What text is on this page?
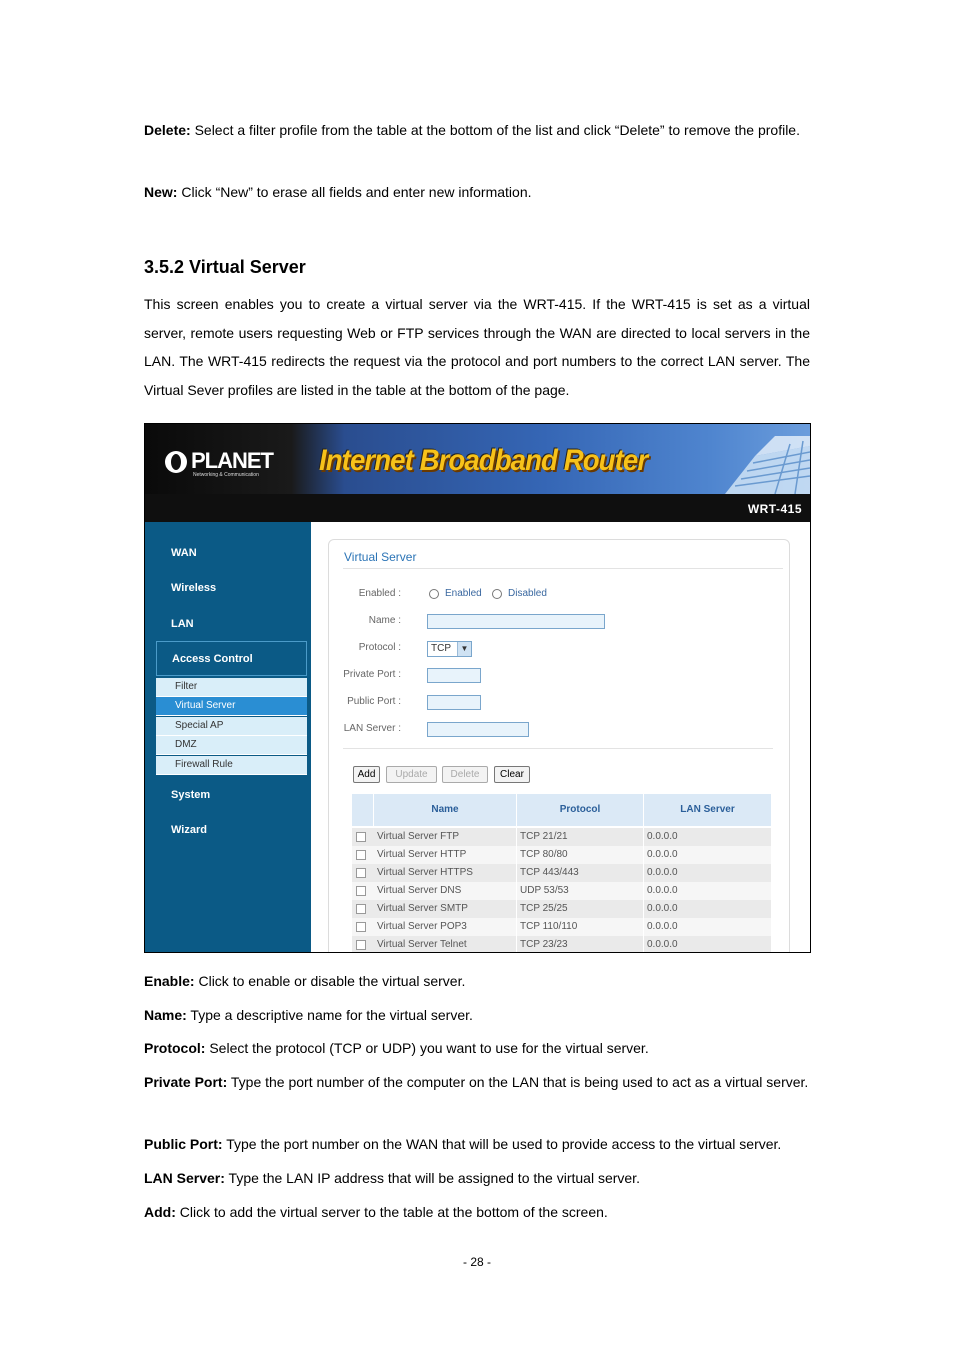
Delete: Select a filter profile from the table at the bottom of the list and click “Delete” to remove the profile.
New: Click “New” to erase all fields and enter new information.
3.5.2 Virtual Server
This screen enables you to create a virtual server via the WRT-415. If the WRT-415 is set as a virtual server, remote users requesting Web or FTP services through the WAN are directed to local servers in the LAN. The WRT-415 redirects the request via the protocol and port numbers to the correct LAN server. The Virtual Sever profiles are listed in the table at the bottom of the page.
PLANET
Networking & Communication Internet Broadband Router
WRT-415
WAN
Wireless
LAN
Access Control
Filter
Virtual Server
Special AP
DMZ
Firewall Rule
System
Wizard
Virtual Server
Enabled :	Enabled	Disabled
Name :
Protocol :	TCP	▼
Private Port :
Public Port :
LAN Server :
Add	Update	Delete	Clear
Name	Protocol	LAN Server
Virtual Server FTP	TCP 21/21	0.0.0.0
Virtual Server HTTP	TCP 80/80	0.0.0.0
Virtual Server HTTPS	TCP 443/443	0.0.0.0
Virtual Server DNS	UDP 53/53	0.0.0.0
Virtual Server SMTP	TCP 25/25	0.0.0.0
Virtual Server POP3	TCP 110/110	0.0.0.0
Virtual Server Telnet	TCP 23/23	0.0.0.0
Enable: Click to enable or disable the virtual server.
Name: Type a descriptive name for the virtual server.
Protocol: Select the protocol (TCP or UDP) you want to use for the virtual server.
Private Port: Type the port number of the computer on the LAN that is being used to act as a virtual server.
Public Port: Type the port number on the WAN that will be used to provide access to the virtual server.
LAN Server: Type the LAN IP address that will be assigned to the virtual server.
Add: Click to add the virtual server to the table at the bottom of the screen.
- 28 -
